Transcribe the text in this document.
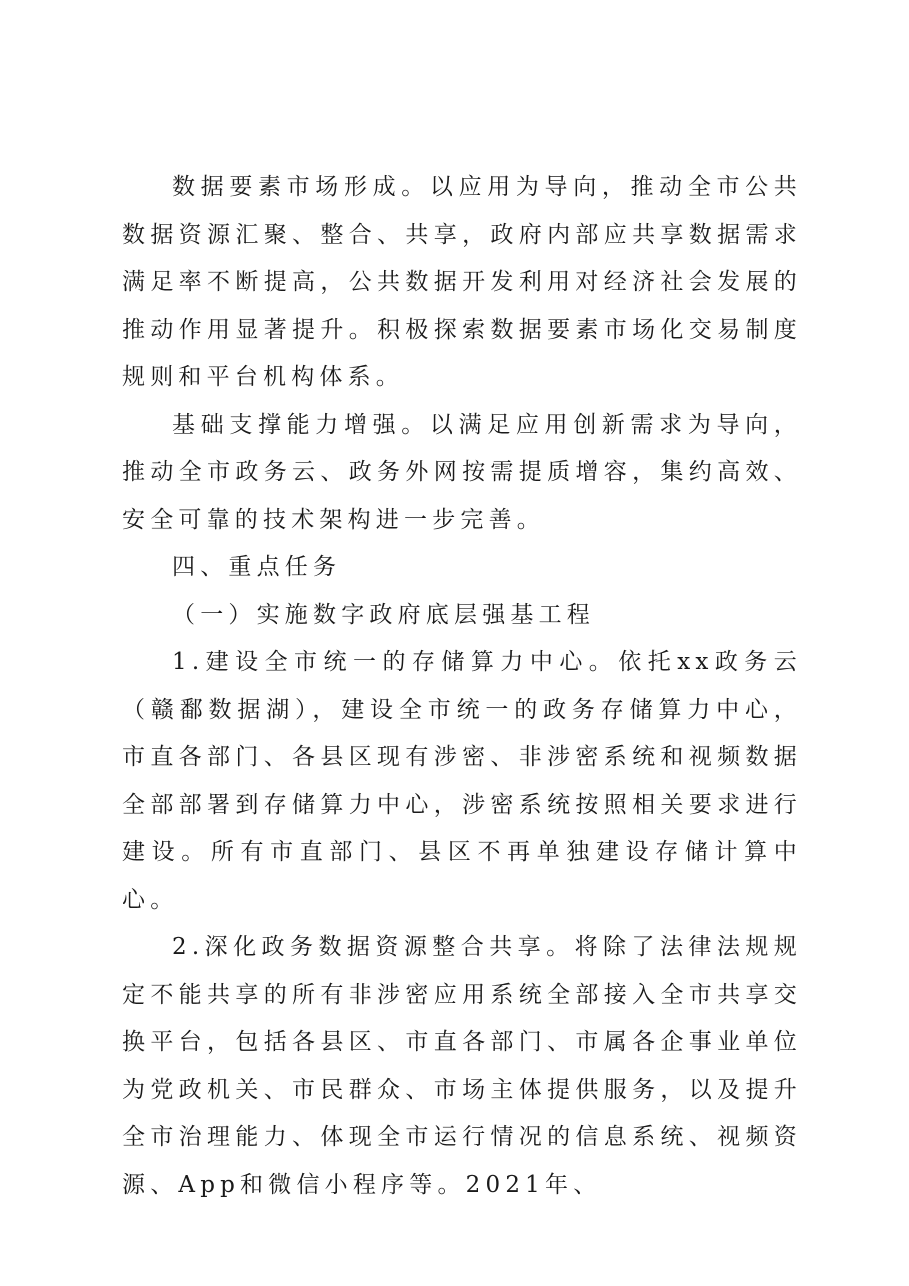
数据要素市场形成。以应用为导向，推动全市公共数据资源汇聚、整合、共享，政府内部应共享数据需求满足率不断提高，公共数据开发利用对经济社会发展的推动作用显著提升。积极探索数据要素市场化交易制度规则和平台机构体系。

基础支撑能力增强。以满足应用创新需求为导向，推动全市政务云、政务外网按需提质增容，集约高效、安全可靠的技术架构进一步完善。

四、重点任务

（一）实施数字政府底层强基工程

1.建设全市统一的存储算力中心。依托xx政务云（赣鄱数据湖），建设全市统一的政务存储算力中心，市直各部门、各县区现有涉密、非涉密系统和视频数据全部部署到存储算力中心，涉密系统按照相关要求进行建设。所有市直部门、县区不再单独建设存储计算中心。

2.深化政务数据资源整合共享。将除了法律法规规定不能共享的所有非涉密应用系统全部接入全市共享交换平台，包括各县区、市直各部门、市属各企事业单位为党政机关、市民群众、市场主体提供服务，以及提升全市治理能力、体现全市运行情况的信息系统、视频资源、App和微信小程序等。2021年、
